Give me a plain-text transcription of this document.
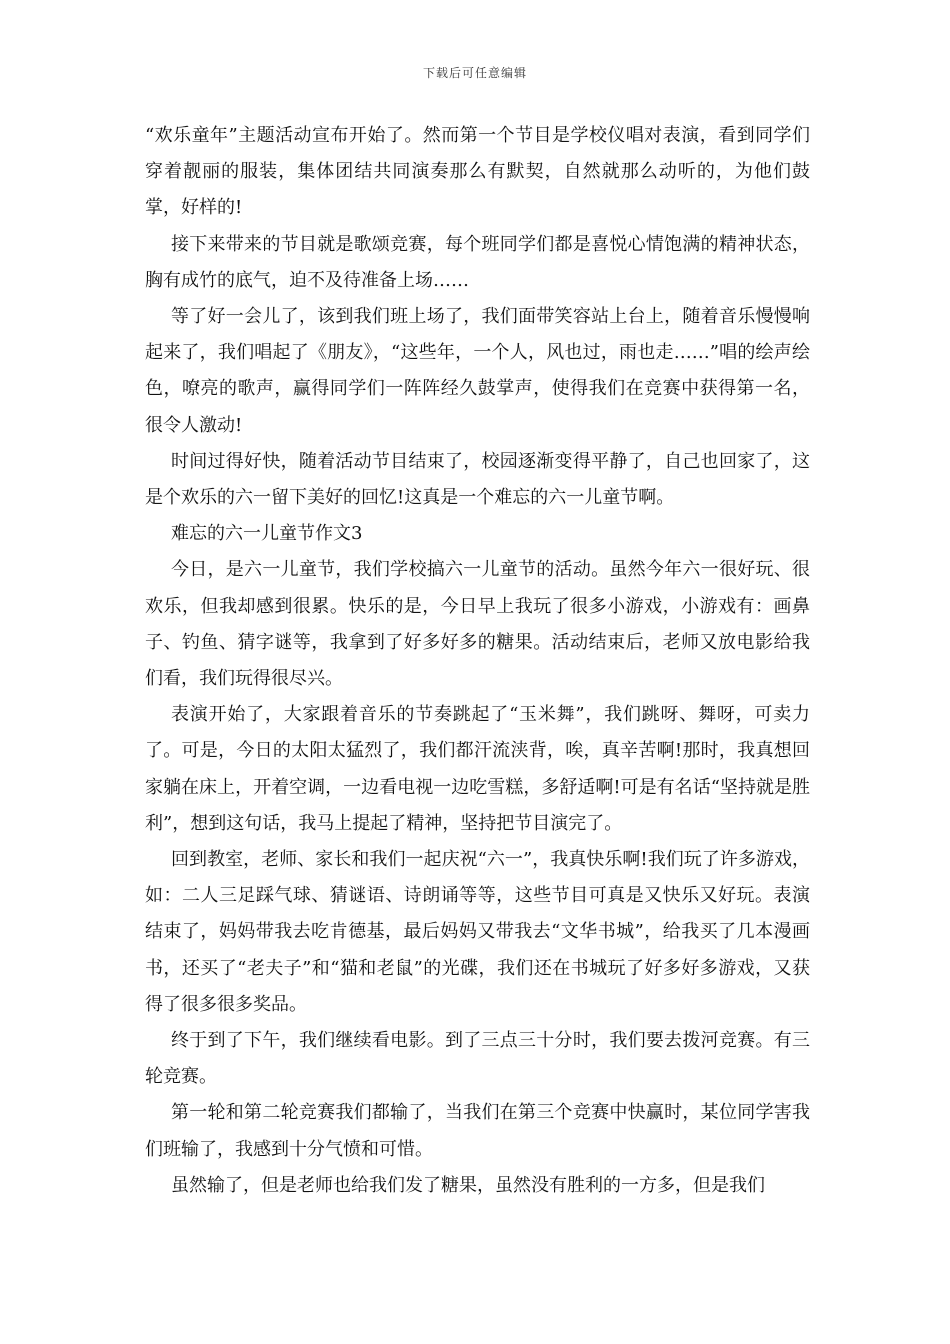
下载后可任意编辑

“欢乐童年”主题活动宣布开始了。然而第一个节目是学校仪唱对表演，看到同学们穿着靓丽的服装，集体团结共同演奏那么有默契，自然就那么动听的，为他们鼓掌，好样的!

接下来带来的节目就是歌颂竞赛，每个班同学们都是喜悦心情饱满的精神状态，胸有成竹的底气，迫不及待准备上场……

等了好一会儿了，该到我们班上场了，我们面带笑容站上台上，随着音乐慢慢响起来了，我们唱起了《朋友》，“这些年，一个人，风也过，雨也走……”唱的绘声绘色，嘹亮的歌声，赢得同学们一阵阵经久鼓掌声，使得我们在竞赛中获得第一名，很令人激动!

时间过得好快，随着活动节目结束了，校园逐渐变得平静了，自己也回家了，这是个欢乐的六一留下美好的回忆!这真是一个难忘的六一儿童节啊。

难忘的六一儿童节作文3

今日，是六一儿童节，我们学校搞六一儿童节的活动。虽然今年六一很好玩、很欢乐，但我却感到很累。快乐的是，今日早上我玩了很多小游戏，小游戏有：画鼻子、钓鱼、猜字谜等，我拿到了好多好多的糖果。活动结束后，老师又放电影给我们看，我们玩得很尽兴。

表演开始了，大家跟着音乐的节奏跳起了“玉米舞”，我们跳呀、舞呀，可卖力了。可是，今日的太阳太猛烈了，我们都汗流浃背，唉，真辛苦啊!那时，我真想回家躺在床上，开着空调，一边看电视一边吃雪糕，多舒适啊!可是有名话“坚持就是胜利”，想到这句话，我马上提起了精神，坚持把节目演完了。

回到教室，老师、家长和我们一起庆祝“六一”，我真快乐啊!我们玩了许多游戏，如：二人三足踩气球、猜谜语、诗朗诵等等，这些节目可真是又快乐又好玩。表演结束了，妈妈带我去吃肯德基，最后妈妈又带我去“文华书城”，给我买了几本漫画书，还买了“老夫子”和“猫和老鼠”的光碟，我们还在书城玩了好多好多游戏，又获得了很多很多奖品。

终于到了下午，我们继续看电影。到了三点三十分时，我们要去拨河竞赛。有三轮竞赛。

第一轮和第二轮竞赛我们都输了，当我们在第三个竞赛中快赢时，某位同学害我们班输了，我感到十分气愤和可惜。

虽然输了，但是老师也给我们发了糖果，虽然没有胜利的一方多，但是我们
